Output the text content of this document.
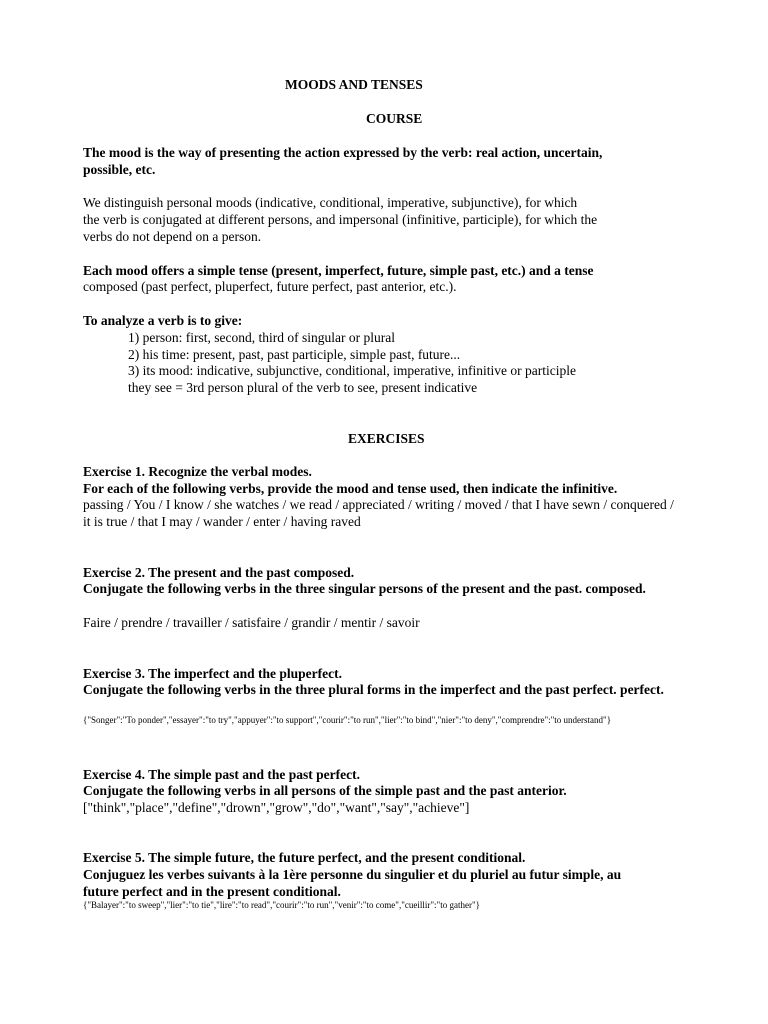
MOODS AND TENSES

COURSE

The mood is the way of presenting the action expressed by the verb: real action, uncertain,

possible, etc.

We distinguish personal moods (indicative, conditional, imperative, subjunctive), for which

the verb is conjugated at different persons, and impersonal (infinitive, participle), for which the

verbs do not depend on a person.

Each mood offers a simple tense (present, imperfect, future, simple past, etc.) and a tense

composed (past perfect, pluperfect, future perfect, past anterior, etc.).

To analyze a verb is to give:

1) person: first, second, third of singular or plural

2) his time: present, past, past participle, simple past, future...

3) its mood: indicative, subjunctive, conditional, imperative, infinitive or participle

they see = 3rd person plural of the verb to see, present indicative

EXERCISES

Exercise 1. Recognize the verbal modes.

For each of the following verbs, provide the mood and tense used, then indicate the infinitive.

passing / You / I know / she watches / we read / appreciated / writing / moved / that I have sewn / conquered /

it is true / that I may / wander / enter / having raved

Exercise 2. The present and the past composed.

Conjugate the following verbs in the three singular persons of the present and the past. composed.

Faire / prendre / travailler / satisfaire / grandir / mentir / savoir

Exercise 3. The imperfect and the pluperfect.

Conjugate the following verbs in the three plural forms in the imperfect and the past perfect. perfect.

{"Songer":"To ponder","essayer":"to try","appuyer":"to support","courir":"to run","lier":"to bind","nier":"to deny","comprendre":"to understand"}

Exercise 4. The simple past and the past perfect.

Conjugate the following verbs in all persons of the simple past and the past anterior.

["think","place","define","drown","grow","do","want","say","achieve"]

Exercise 5. The simple future, the future perfect, and the present conditional.

Conjuguez les verbes suivants à la 1ère personne du singulier et du pluriel au futur simple, au

future perfect and in the present conditional.

{"Balayer":"to sweep","lier":"to tie","lire":"to read","courir":"to run","venir":"to come","cueillir":"to gather"}
